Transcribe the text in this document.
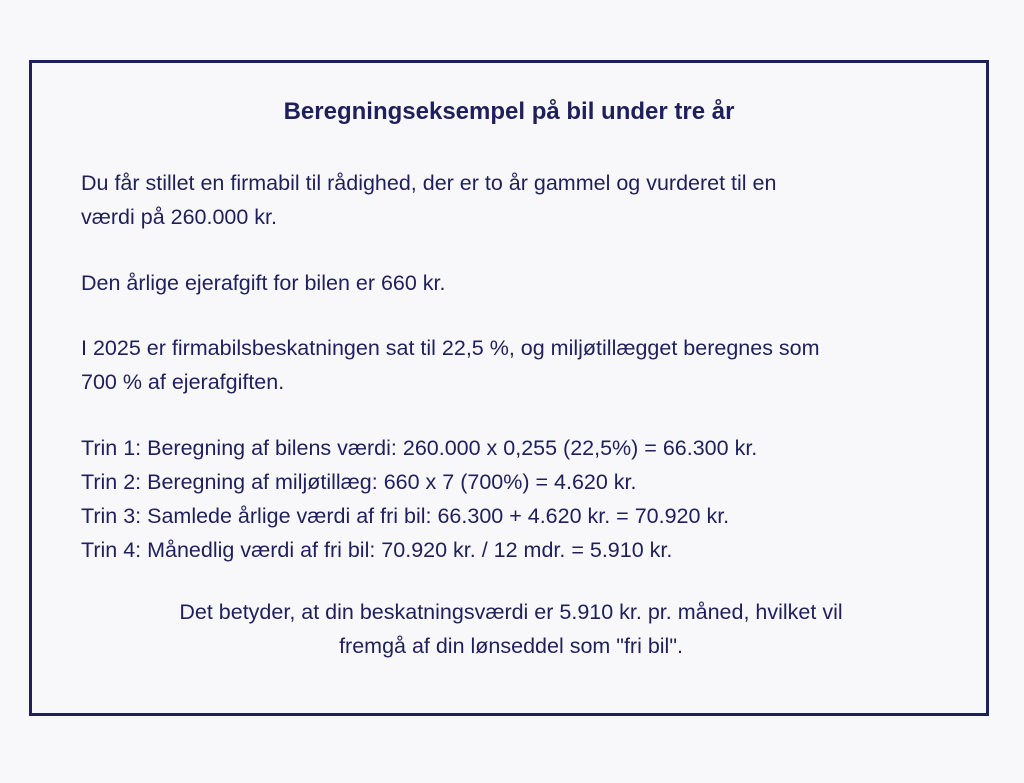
Beregningseksempel på bil under tre år
Du får stillet en firmabil til rådighed, der er to år gammel og vurderet til en
værdi på 260.000 kr.
Den årlige ejerafgift for bilen er 660 kr.
I 2025 er firmabilsbeskatningen sat til 22,5 %, og miljøtillægget beregnes som
700 % af ejerafgiften.
Trin 1: Beregning af bilens værdi: 260.000 x 0,255 (22,5%) = 66.300 kr.
Trin 2: Beregning af miljøtillæg: 660 x 7 (700%) = 4.620 kr.
Trin 3: Samlede årlige værdi af fri bil: 66.300 + 4.620 kr. = 70.920 kr.
Trin 4: Månedlig værdi af fri bil: 70.920 kr. / 12 mdr. = 5.910 kr.
Det betyder, at din beskatningsværdi er 5.910 kr. pr. måned, hvilket vil
fremgå af din lønseddel som "fri bil".
